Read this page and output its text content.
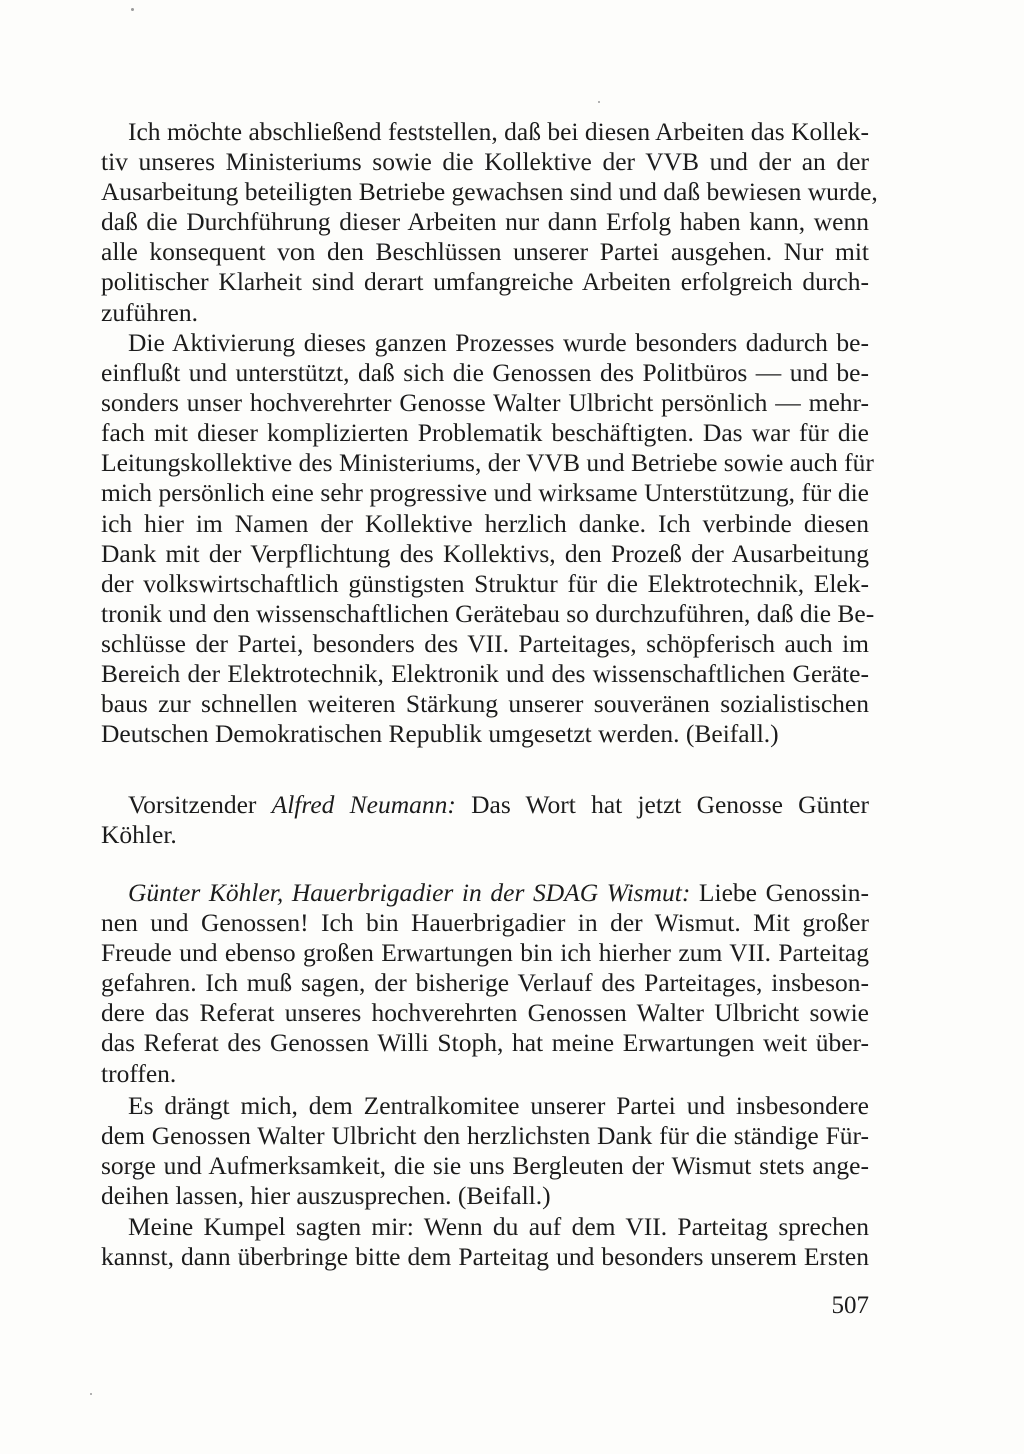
Ich möchte abschließend feststellen, daß bei diesen Arbeiten das Kollek-
tiv unseres Ministeriums sowie die Kollektive der VVB und der an der
Ausarbeitung beteiligten Betriebe gewachsen sind und daß bewiesen wurde,
daß die Durchführung dieser Arbeiten nur dann Erfolg haben kann, wenn
alle konsequent von den Beschlüssen unserer Partei ausgehen. Nur mit
politischer Klarheit sind derart umfangreiche Arbeiten erfolgreich durch-
zuführen.
Die Aktivierung dieses ganzen Prozesses wurde besonders dadurch be-
einflußt und unterstützt, daß sich die Genossen des Politbüros — und be-
sonders unser hochverehrter Genosse Walter Ulbricht persönlich — mehr-
fach mit dieser komplizierten Problematik beschäftigten. Das war für die
Leitungskollektive des Ministeriums, der VVB und Betriebe sowie auch für
mich persönlich eine sehr progressive und wirksame Unterstützung, für die
ich hier im Namen der Kollektive herzlich danke. Ich verbinde diesen
Dank mit der Verpflichtung des Kollektivs, den Prozeß der Ausarbeitung
der volkswirtschaftlich günstigsten Struktur für die Elektrotechnik, Elek-
tronik und den wissenschaftlichen Gerätebau so durchzuführen, daß die Be-
schlüsse der Partei, besonders des VII. Parteitages, schöpferisch auch im
Bereich der Elektrotechnik, Elektronik und des wissenschaftlichen Geräte-
baus zur schnellen weiteren Stärkung unserer souveränen sozialistischen
Deutschen Demokratischen Republik umgesetzt werden. (Beifall.)
Vorsitzender Alfred Neumann: Das Wort hat jetzt Genosse Günter
Köhler.
Günter Köhler, Hauerbrigadier in der SDAG Wismut: Liebe Genossin-
nen und Genossen! Ich bin Hauerbrigadier in der Wismut. Mit großer
Freude und ebenso großen Erwartungen bin ich hierher zum VII. Parteitag
gefahren. Ich muß sagen, der bisherige Verlauf des Parteitages, insbeson-
dere das Referat unseres hochverehrten Genossen Walter Ulbricht sowie
das Referat des Genossen Willi Stoph, hat meine Erwartungen weit über-
troffen.
Es drängt mich, dem Zentralkomitee unserer Partei und insbesondere
dem Genossen Walter Ulbricht den herzlichsten Dank für die ständige Für-
sorge und Aufmerksamkeit, die sie uns Bergleuten der Wismut stets ange-
deihen lassen, hier auszusprechen. (Beifall.)
Meine Kumpel sagten mir: Wenn du auf dem VII. Parteitag sprechen
kannst, dann überbringe bitte dem Parteitag und besonders unserem Ersten
507
